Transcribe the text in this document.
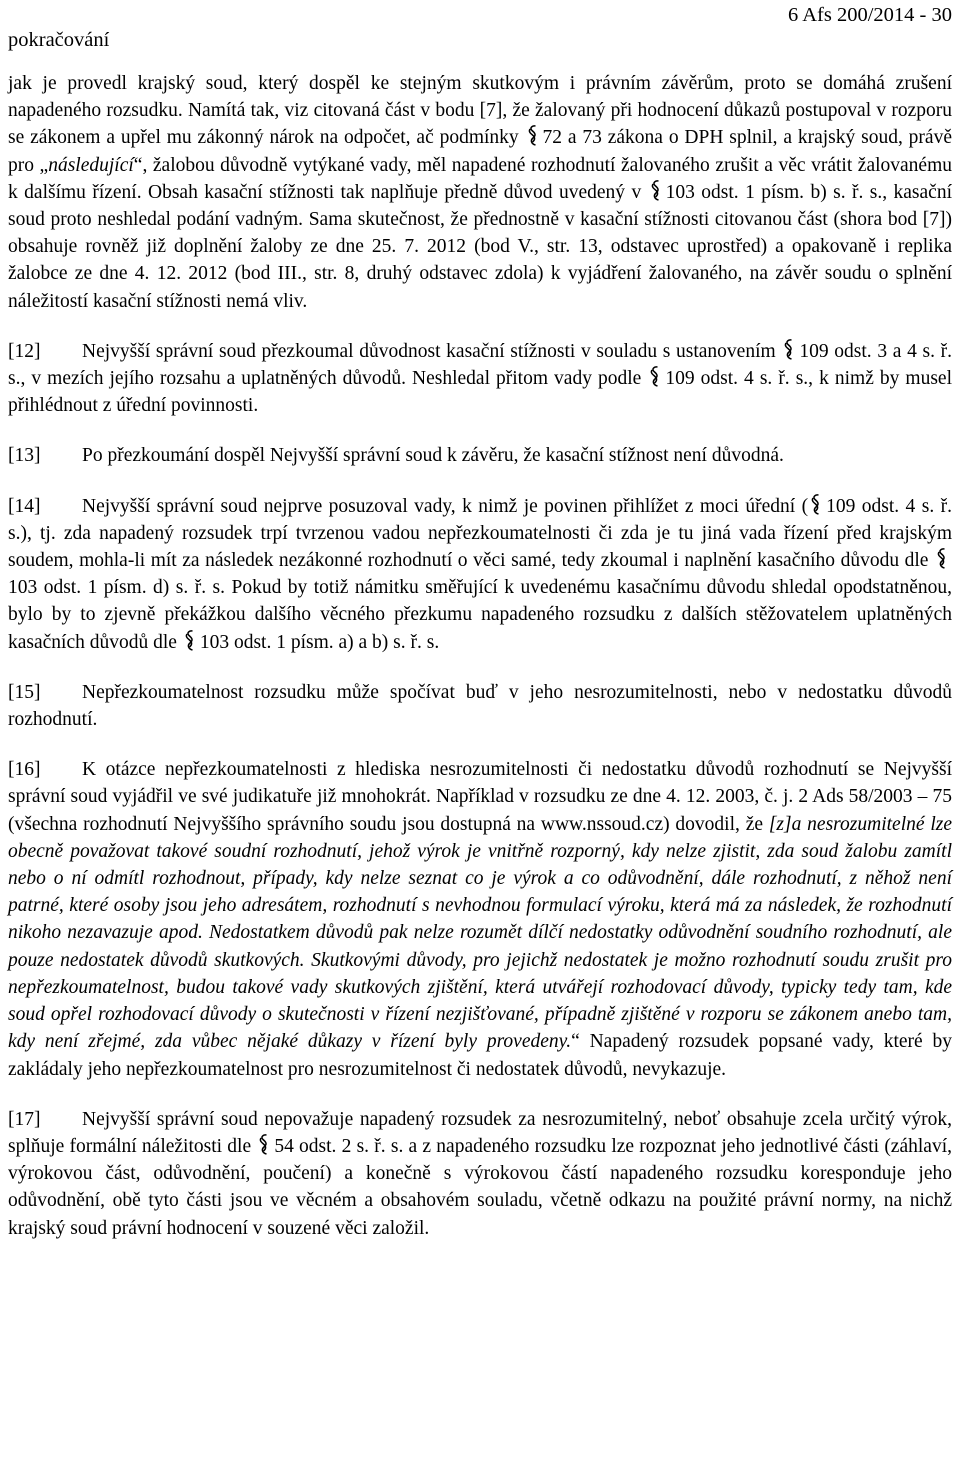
pokračování
6 Afs 200/2014 - 30

jak je provedl krajský soud, který dospěl ke stejným skutkovým i právním závěrům, proto se domáhá zrušení napadeného rozsudku. Namítá tak, viz citovaná část v bodu [7], že žalovaný při hodnocení důkazů postupoval v rozporu se zákonem a upřel mu zákonný nárok na odpočet, ač podmínky 72 a 73 zákona o DPH splnil, a krajský soud, právě pro „následující“, žalobou důvodně vytýkané vady, měl napadené rozhodnutí žalovaného zrušit a věc vrátit žalovanému k dalšímu řízení. Obsah kasační stížnosti tak naplňuje předně důvod uvedený v 103 odst. 1 písm. b) s. ř. s., kasační soud proto neshledal podání vadným. Sama skutečnost, že přednostně v kasační stížnosti citovanou část (shora bod [7]) obsahuje rovněž již doplnění žaloby ze dne 25. 7. 2012 (bod V., str. 13, odstavec uprostřed) a opakovaně i replika žalobce ze dne 4. 12. 2012 (bod III., str. 8, druhý odstavec zdola) k vyjádření žalovaného, na závěr soudu o splnění náležitostí kasační stížnosti nemá vliv.

[12] Nejvyšší správní soud přezkoumal důvodnost kasační stížnosti v souladu s ustanovením 109 odst. 3 a 4 s. ř. s., v mezích jejího rozsahu a uplatněných důvodů. Neshledal přitom vady podle 109 odst. 4 s. ř. s., k nimž by musel přihlédnout z úřední povinnosti.

[13] Po přezkoumání dospěl Nejvyšší správní soud k závěru, že kasační stížnost není důvodná.

[14] Nejvyšší správní soud nejprve posuzoval vady, k nimž je povinen přihlížet z moci úřední ( 109 odst. 4 s. ř. s.), tj. zda napadený rozsudek trpí tvrzenou vadou nepřezkoumatelnosti či zda je tu jiná vada řízení před krajským soudem, mohla-li mít za následek nezákonné rozhodnutí o věci samé, tedy zkoumal i naplnění kasačního důvodu dle 103 odst. 1 písm. d) s. ř. s. Pokud by totiž námitku směřující k uvedenému kasačnímu důvodu shledal opodstatněnou, bylo by to zjevně překážkou dalšího věcného přezkumu napadeného rozsudku z dalších stěžovatelem uplatněných kasačních důvodů dle 103 odst. 1 písm. a) a b) s. ř. s.

[15] Nepřezkoumatelnost rozsudku může spočívat buď v jeho nesrozumitelnosti, nebo v nedostatku důvodů rozhodnutí.

[16] K otázce nepřezkoumatelnosti z hlediska nesrozumitelnosti či nedostatku důvodů rozhodnutí se Nejvyšší správní soud vyjádřil ve své judikatuře již mnohokrát. Například v rozsudku ze dne 4. 12. 2003, č. j. 2 Ads 58/2003 – 75 (všechna rozhodnutí Nejvyššího správního soudu jsou dostupná na www.nssoud.cz) dovodil, že [z]a nesrozumitelné lze obecně považovat takové soudní rozhodnutí, jehož výrok je vnitřně rozporný, kdy nelze zjistit, zda soud žalobu zamítl nebo o ní odmítl rozhodnout, případy, kdy nelze seznat co je výrok a co odůvodnění, dále rozhodnutí, z něhož není patrné, které osoby jsou jeho adresátem, rozhodnutí s nevhodnou formulací výroku, která má za následek, že rozhodnutí nikoho nezavazuje apod. Nedostatkem důvodů pak nelze rozumět dílčí nedostatky odůvodnění soudního rozhodnutí, ale pouze nedostatek důvodů skutkových. Skutkovými důvody, pro jejichž nedostatek je možno rozhodnutí soudu zrušit pro nepřezkoumatelnost, budou takové vady skutkových zjištění, která utvářejí rozhodovací důvody, typicky tedy tam, kde soud opřel rozhodovací důvody o skutečnosti v řízení nezjišťované, případně zjištěné v rozporu se zákonem anebo tam, kdy není zřejmé, zda vůbec nějaké důkazy v řízení byly provedeny.“ Napadený rozsudek popsané vady, které by zakládaly jeho nepřezkoumatelnost pro nesrozumitelnost či nedostatek důvodů, nevykazuje.

[17] Nejvyšší správní soud nepovažuje napadený rozsudek za nesrozumitelný, neboť obsahuje zcela určitý výrok, splňuje formální náležitosti dle 54 odst. 2 s. ř. s. a z napadeného rozsudku lze rozpoznat jeho jednotlivé části (záhlaví, výrokovou část, odůvodnění, poučení) a konečně s výrokovou částí napadeného rozsudku koresponduje jeho odůvodnění, obě tyto části jsou ve věcném a obsahovém souladu, včetně odkazu na použité právní normy, na nichž krajský soud právní hodnocení v souzené věci založil.
